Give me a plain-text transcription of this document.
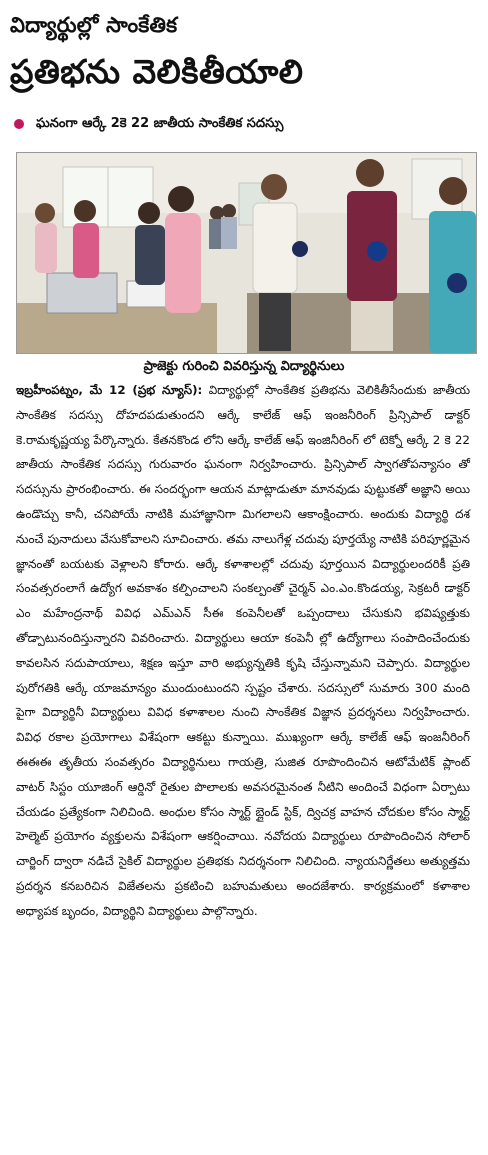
విద్యార్థుల్లో సాంకేతిక
ప్రతిభను వెలికితీయాలి
ఘనంగా ఆర్కే 2కె 22 జాతీయ సాంకేతిక సదస్సు
ప్రాజెక్టు గురించి వివరిస్తున్న విద్యార్థినులు
ఇబ్రహీంపట్నం, మే 12 (ప్రభ న్యూస్): విద్యార్థుల్లో సాంకేతిక ప్రతిభను వెలికితీసేందుకు జాతీయ సాంకేతిక సదస్సు దోహదపడుతుందని ఆర్కే కాలేజ్ ఆఫ్ ఇంజనీరింగ్ ప్రిన్సిపాల్ డాక్టర్ కె.రామకృష్ణయ్య పేర్కొన్నారు. కేతనకొండ లోని ఆర్కే కాలేజ్ ఆఫ్ ఇంజినీరింగ్ లో టెక్నో ఆర్కే 2 కె 22 జాతీయ సాంకేతిక సదస్సు గురువారం ఘనంగా నిర్వహించారు. ప్రిన్సిపాల్ స్వాగతోపన్యాసం తో సదస్సును ప్రారంభించారు. ఈ సందర్భంగా ఆయన మాట్లాడుతూ మానవుడు పుట్టుకతో అజ్ఞాని అయి ఉండొచ్చు కానీ, చనిపోయే నాటికి మహాజ్ఞానిగా మిగలాలని ఆకాంక్షించారు. అందుకు విద్యార్థి దశ నుంచే పునాదులు వేసుకోవాలని సూచించారు. తమ నాలుగేళ్ల చదువు పూర్తయ్యే నాటికి పరిపూర్ణమైన జ్ఞానంతో బయటకు వెళ్లాలని కోరారు. ఆర్కే కళాశాలల్లో చదువు పూర్తయిన విద్యార్థులందరికీ ప్రతి సంవత్సరంలాగే ఉద్యోగ అవకాశం కల్పించాలని సంకల్పంతో చైర్మన్ ఎం.ఎం.కొండయ్య, సెక్రటరీ డాక్టర్ ఎం మహేంద్రనాథ్ వివిధ ఎమ్ఎన్ సీఈ కంపెనీలతో ఒప్పందాలు చేసుకుని భవిష్యత్తుకు తోడ్పాటునందిస్తున్నారని వివరించారు. విద్యార్థులు ఆయా కంపెనీ ల్లో ఉద్యోగాలు సంపాదించేందుకు కావలసిన సదుపాయాలు, శిక్షణ ఇస్తూ వారి అభ్యున్నతికి కృషి చేస్తున్నామని చెప్పారు. విద్యార్థుల పురోగతికి ఆర్కే యాజమాన్యం ముందుంటుందని స్పష్టం చేశారు. సదస్సులో సుమారు 300 మంది పైగా విద్యార్థినీ విద్యార్థులు వివిధ కళాశాలల నుంచి సాంకేతిక విజ్ఞాన ప్రదర్శనలు నిర్వహించారు. వివిధ రకాల ప్రయోగాలు విశేషంగా ఆకట్టు కున్నాయి. ముఖ్యంగా ఆర్కే కాలేజ్ ఆఫ్ ఇంజనీరింగ్ ఈఈఈ తృతీయ సంవత్సరం విద్యార్థినులు గాయత్రి, సుజిత రూపొందించిన ఆటోమేటిక్ ప్లాంట్ వాటర్ సిస్టం యూజింగ్ ఆర్డినో రైతుల పొలాలకు అవసరమైనంత నీటిని అందించే విధంగా ఏర్పాటు చేయడం ప్రత్యేకంగా నిలిచింది. అంధుల కోసం స్మార్ట్ బ్లైండ్ స్టిక్, ద్విచక్ర వాహన చోదకుల కోసం స్మార్ట్ హెల్మెట్ ప్రయోగం వ్యక్తులను విశేషంగా ఆకర్షించాయి. నవోదయ విద్యార్థులు రూపొందించిన సోలార్ చార్జింగ్ ద్వారా నడిచే సైకిల్ విద్యార్థుల ప్రతిభకు నిదర్శనంగా నిలిచింది. న్యాయనిర్ణేతలు అత్యుత్తమ ప్రదర్శన కనబరిచిన విజేతలను ప్రకటించి బహుమతులు అందజేశారు. కార్యక్రమంలో కళాశాల అధ్యాపక బృందం, విద్యార్థిని విద్యార్థులు పాల్గొన్నారు.
